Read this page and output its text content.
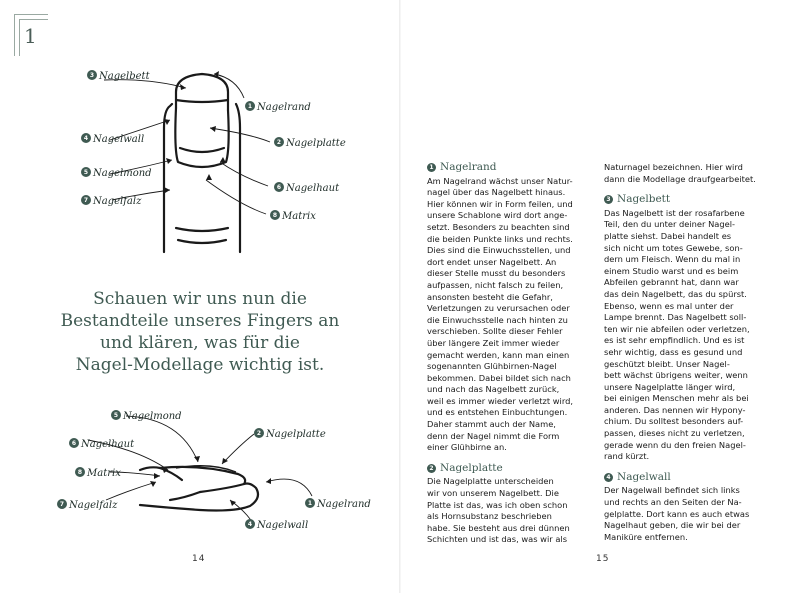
1
3
1
4
2
5
6
7
8
Nagelbett
Nagelrand
Nagelwall	Nagelplatte
Nagelmond
Nagelhaut
Nagelfalz
Matrix
Schauen wir uns nun die
Bestandteile unseres Fingers an
und klären, was für die
Nagel-Modellage wichtig ist.
5
6
2
8
7	1
4
Nagelmond
Nagelhaut
Nagelplatte
Matrix
Nagelfalz	Nagelrand
Nagelwall
14
1 Nagelrand

Am Nagelrand wächst unser Natur-

nagel über das Nagelbett hinaus.

Hier können wir in Form feilen, und

unsere Schablone wird dort ange-

setzt. Besonders zu beachten sind

die beiden Punkte links und rechts.

Dies sind die Einwuchsstellen, und

dort endet unser Nagelbett. An

dieser Stelle musst du besonders

aufpassen, nicht falsch zu feilen,

ansonsten besteht die Gefahr,

Verletzungen zu verursachen oder

die Einwuchsstelle nach hinten zu

verschieben. Sollte dieser Fehler

über längere Zeit immer wieder

gemacht werden, kann man einen

sogenannten Glühbirnen-Nagel

bekommen. Dabei bildet sich nach

und nach das Nagelbett zurück,

weil es immer wieder verletzt wird,

und es entstehen Einbuchtungen.

Daher stammt auch der Name,

denn der Nagel nimmt die Form

einer Glühbirne an.

2 Nagelplatte

Die Nagelplatte unterscheiden

wir von unserem Nagelbett. Die

Platte ist das, was ich oben schon

als Hornsubstanz beschrieben

habe. Sie besteht aus drei dünnen

Schichten und ist das, was wir als

Naturnagel bezeichnen. Hier wird

dann die Modellage draufgearbeitet.

3 Nagelbett

Das Nagelbett ist der rosafarbene

Teil, den du unter deiner Nagel-

platte siehst. Dabei handelt es

sich nicht um totes Gewebe, son-

dern um Fleisch. Wenn du mal in

einem Studio warst und es beim

Abfeilen gebrannt hat, dann war

das dein Nagelbett, das du spürst.

Ebenso, wenn es mal unter der

Lampe brennt. Das Nagelbett soll-

ten wir nie abfeilen oder verletzen,

es ist sehr empfindlich. Und es ist

sehr wichtig, dass es gesund und

geschützt bleibt. Unser Nagel-

bett wächst übrigens weiter, wenn

unsere Nagelplatte länger wird,

bei einigen Menschen mehr als bei

anderen. Das nennen wir Hypony-

chium. Du solltest besonders auf-

passen, dieses nicht zu verletzen,

gerade wenn du den freien Nagel-

rand kürzt.

4 Nagelwall

Der Nagelwall befindet sich links

und rechts an den Seiten der Na-

gelplatte. Dort kann es auch etwas

Nagelhaut geben, die wir bei der

Maniküre entfernen.

15
